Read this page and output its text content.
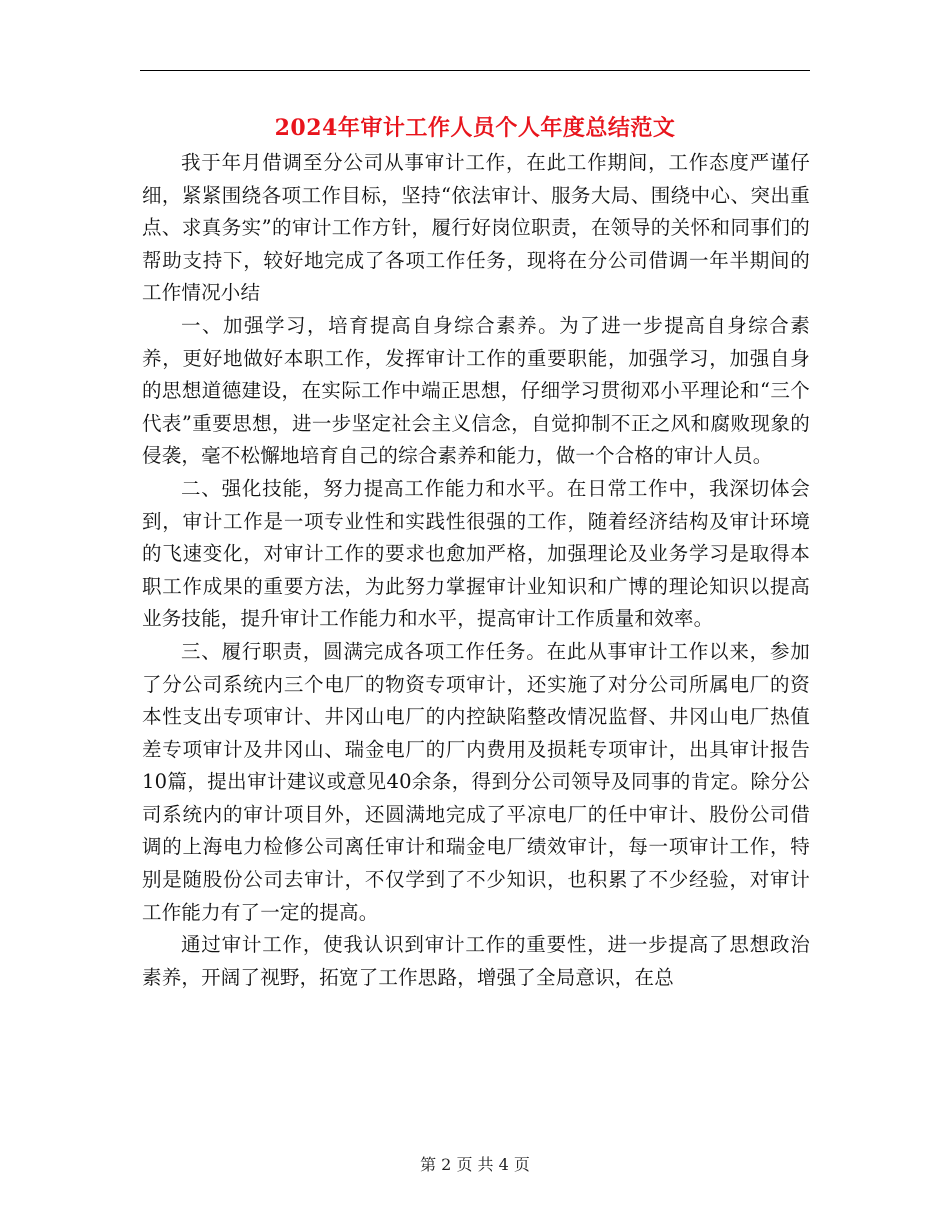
2024年审计工作人员个人年度总结范文

我于年月借调至分公司从事审计工作，在此工作期间，工作态度严谨仔细，紧紧围绕各项工作目标，坚持“依法审计、服务大局、围绕中心、突出重点、求真务实”的审计工作方针，履行好岗位职责，在领导的关怀和同事们的帮助支持下，较好地完成了各项工作任务，现将在分公司借调一年半期间的工作情况小结

一、加强学习，培育提高自身综合素养。为了进一步提高自身综合素养，更好地做好本职工作，发挥审计工作的重要职能，加强学习，加强自身的思想道德建设，在实际工作中端正思想，仔细学习贯彻邓小平理论和“三个代表”重要思想，进一步坚定社会主义信念，自觉抑制不正之风和腐败现象的侵袭，毫不松懈地培育自己的综合素养和能力，做一个合格的审计人员。

二、强化技能，努力提高工作能力和水平。在日常工作中，我深切体会到，审计工作是一项专业性和实践性很强的工作，随着经济结构及审计环境的飞速变化，对审计工作的要求也愈加严格，加强理论及业务学习是取得本职工作成果的重要方法，为此努力掌握审计业知识和广博的理论知识以提高业务技能，提升审计工作能力和水平，提高审计工作质量和效率。

三、履行职责，圆满完成各项工作任务。在此从事审计工作以来，参加了分公司系统内三个电厂的物资专项审计，还实施了对分公司所属电厂的资本性支出专项审计、井冈山电厂的内控缺陷整改情况监督、井冈山电厂热值差专项审计及井冈山、瑞金电厂的厂内费用及损耗专项审计，出具审计报告10篇，提出审计建议或意见40余条，得到分公司领导及同事的肯定。除分公司系统内的审计项目外，还圆满地完成了平凉电厂的任中审计、股份公司借调的上海电力检修公司离任审计和瑞金电厂绩效审计，每一项审计工作，特别是随股份公司去审计，不仅学到了不少知识，也积累了不少经验，对审计工作能力有了一定的提高。

通过审计工作，使我认识到审计工作的重要性，进一步提高了思想政治素养，开阔了视野，拓宽了工作思路，增强了全局意识，在总

第 2 页 共 4 页
